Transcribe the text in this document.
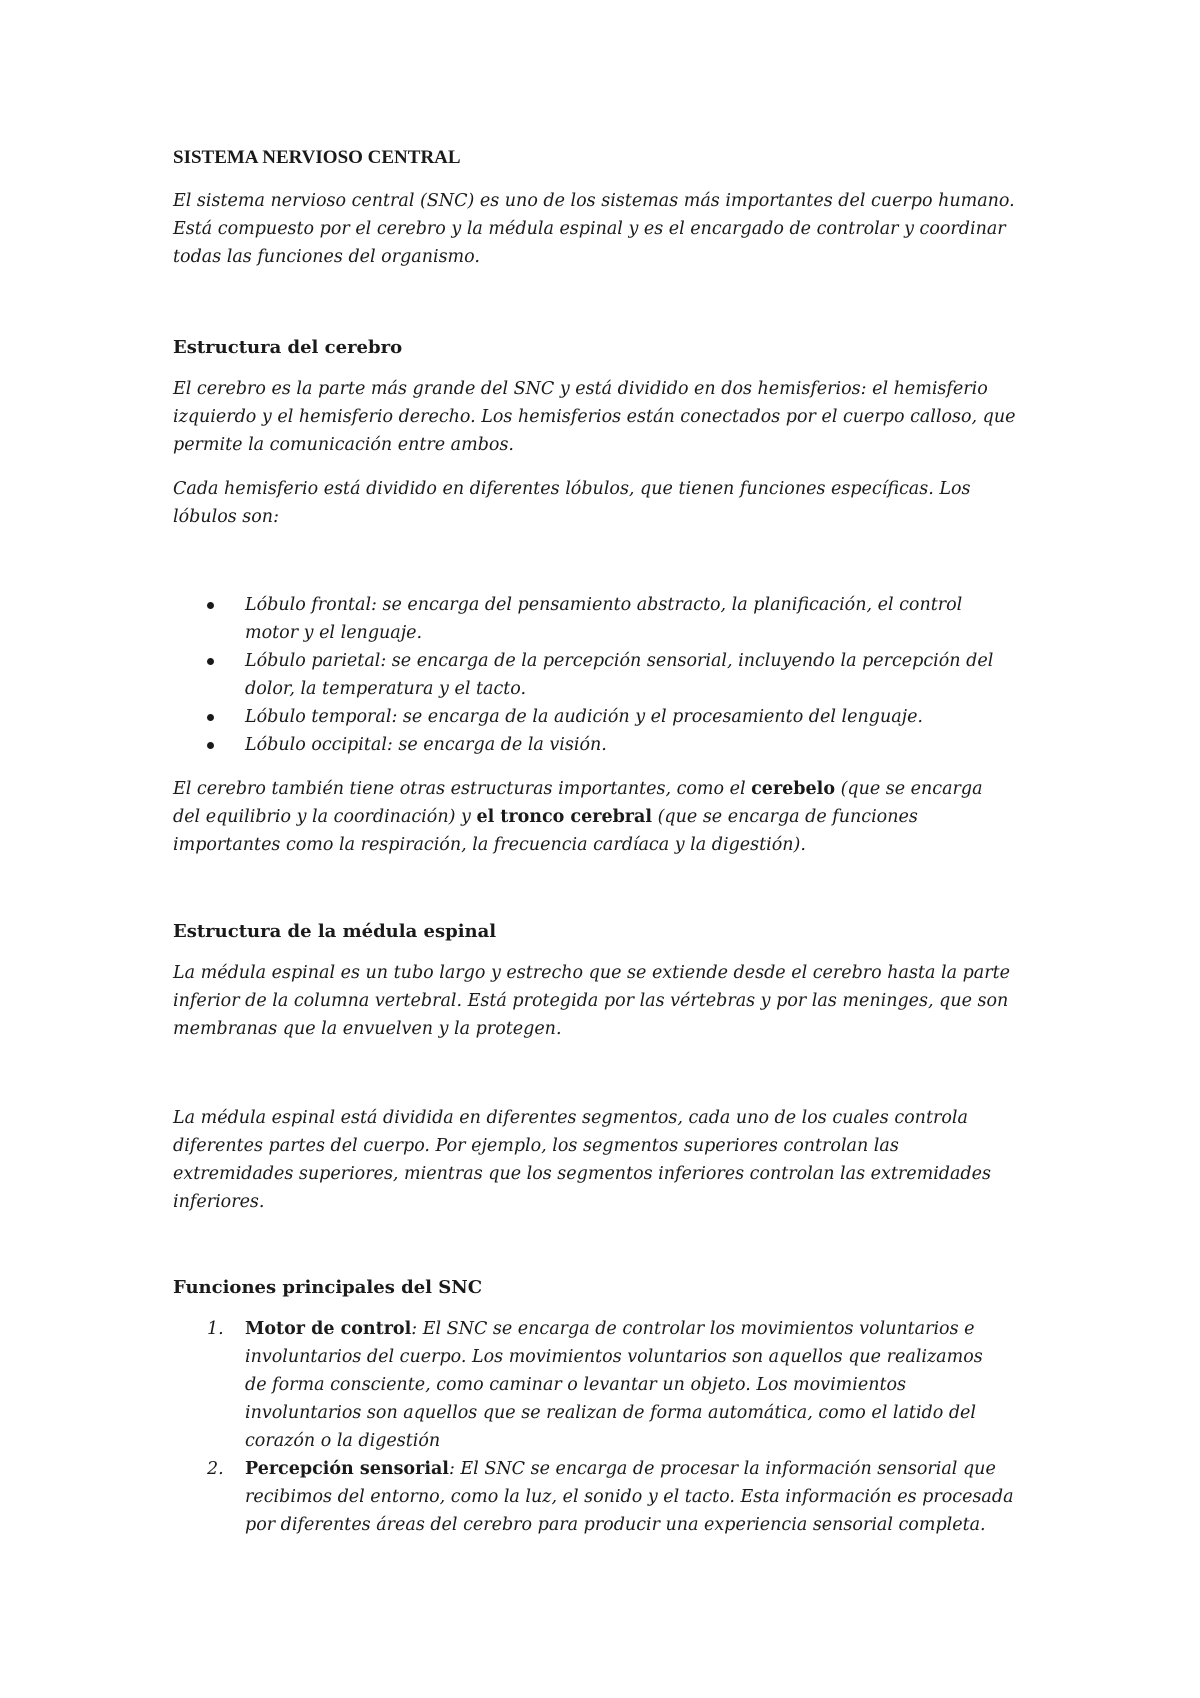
SISTEMA NERVIOSO CENTRAL

El sistema nervioso central (SNC) es uno de los sistemas más importantes del cuerpo humano.
Está compuesto por el cerebro y la médula espinal y es el encargado de controlar y coordinar
todas las funciones del organismo.

Estructura del cerebro

El cerebro es la parte más grande del SNC y está dividido en dos hemisferios: el hemisferio
izquierdo y el hemisferio derecho. Los hemisferios están conectados por el cuerpo calloso, que
permite la comunicación entre ambos.

Cada hemisferio está dividido en diferentes lóbulos, que tienen funciones específicas. Los
lóbulos son:

Lóbulo frontal: se encarga del pensamiento abstracto, la planificación, el control
motor y el lenguaje.
Lóbulo parietal: se encarga de la percepción sensorial, incluyendo la percepción del
dolor, la temperatura y el tacto.
Lóbulo temporal: se encarga de la audición y el procesamiento del lenguaje.
Lóbulo occipital: se encarga de la visión.

El cerebro también tiene otras estructuras importantes, como el cerebelo (que se encarga
del equilibrio y la coordinación) y el tronco cerebral (que se encarga de funciones
importantes como la respiración, la frecuencia cardíaca y la digestión).

Estructura de la médula espinal

La médula espinal es un tubo largo y estrecho que se extiende desde el cerebro hasta la parte
inferior de la columna vertebral. Está protegida por las vértebras y por las meninges, que son
membranas que la envuelven y la protegen.

La médula espinal está dividida en diferentes segmentos, cada uno de los cuales controla
diferentes partes del cuerpo. Por ejemplo, los segmentos superiores controlan las
extremidades superiores, mientras que los segmentos inferiores controlan las extremidades
inferiores.

Funciones principales del SNC
1. Motor de control: El SNC se encarga de controlar los movimientos voluntarios e
involuntarios del cuerpo. Los movimientos voluntarios son aquellos que realizamos
de forma consciente, como caminar o levantar un objeto. Los movimientos
involuntarios son aquellos que se realizan de forma automática, como el latido del
corazón o la digestión
2. Percepción sensorial: El SNC se encarga de procesar la información sensorial que
recibimos del entorno, como la luz, el sonido y el tacto. Esta información es procesada
por diferentes áreas del cerebro para producir una experiencia sensorial completa.
